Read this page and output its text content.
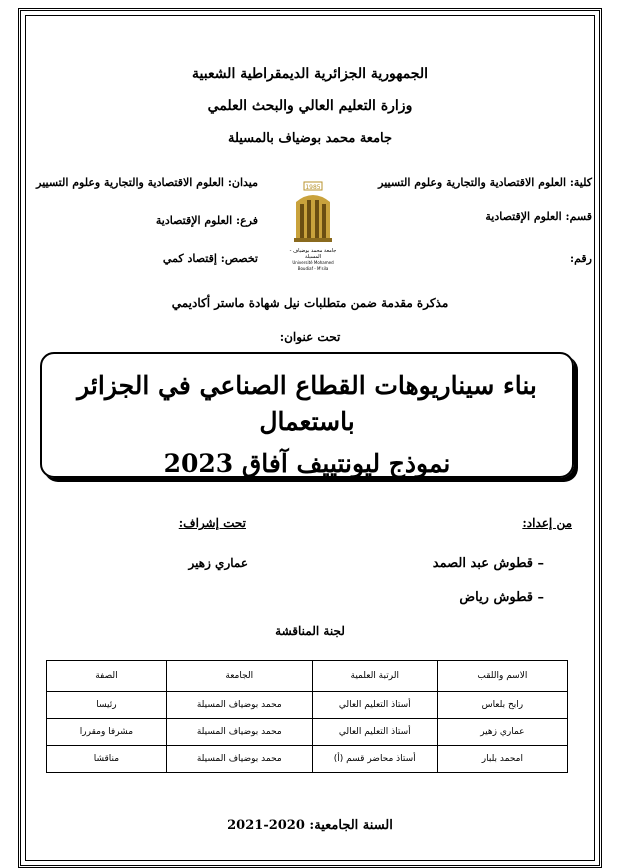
الجمهورية الجزائرية الديمقراطية الشعبية
وزارة التعليم العالي والبحث العلمي
جامعة محمد بوضياف بالمسيلة
كلية: العلوم الاقتصادية والتجارية وعلوم التسيير
ميدان: العلوم الاقتصادية والتجارية وعلوم التسيير
قسم: العلوم الإقتصادية
فرع: العلوم الإقتصادية
رقم:
تخصص: إقتصاد كمي
1985
جامعة محمد بوضياف - المسيلة
Université Mohamed Boudiaf - M'sila
مذكرة مقدمة ضمن متطلبات نيل شهادة ماستر أكاديمي
تحت عنوان:
بناء سيناريوهات القطاع الصناعي في الجزائر باستعمال
نموذج ليونتييف آفاق 2023
من إعداد:
تحت إشراف:
– قطوش عبد الصمد
– قطوش رياض
عماري زهير
لجنة المناقشة
الاسم واللقب	الرتبة العلمية	الجامعة	الصفة
رابح بلعاس	أستاذ التعليم العالي	محمد بوضياف المسيلة	رئيسا
عماري زهير	أستاذ التعليم العالي	محمد بوضياف المسيلة	مشرفا ومقررا
امحمد بلبار	أستاذ محاضر قسم (أ)	محمد بوضياف المسيلة	مناقشا
السنة الجامعية: 2020-2021
